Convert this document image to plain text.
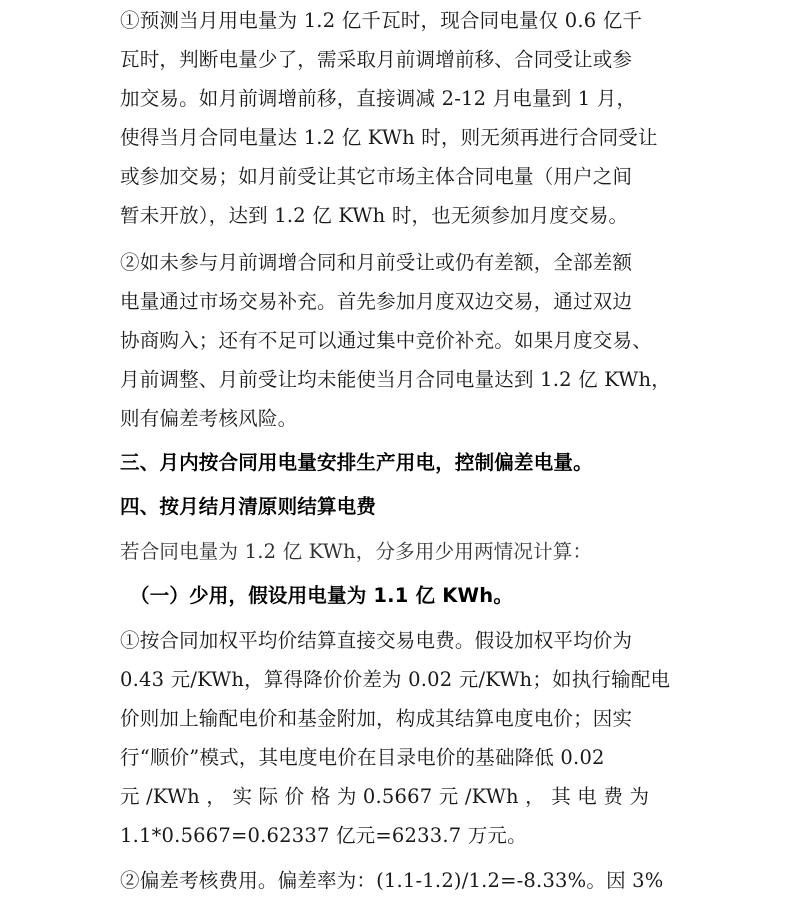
①预测当月用电量为 1.2 亿千瓦时，现合同电量仅 0.6 亿千
瓦时，判断电量少了，需采取月前调增前移、合同受让或参
加交易。如月前调增前移，直接调减 2-12 月电量到 1 月，
使得当月合同电量达 1.2 亿 KWh 时，则无须再进行合同受让
或参加交易；如月前受让其它市场主体合同电量（用户之间
暂未开放），达到 1.2 亿 KWh 时，也无须参加月度交易。
②如未参与月前调增合同和月前受让或仍有差额，全部差额
电量通过市场交易补充。首先参加月度双边交易，通过双边
协商购入；还有不足可以通过集中竞价补充。如果月度交易、
月前调整、月前受让均未能使当月合同电量达到 1.2 亿 KWh，
则有偏差考核风险。
三、月内按合同用电量安排生产用电，控制偏差电量。
四、按月结月清原则结算电费
若合同电量为 1.2 亿 KWh，分多用少用两情况计算：
（一）少用，假设用电量为 1.1 亿 KWh。
①按合同加权平均价结算直接交易电费。假设加权平均价为
0.43 元/KWh，算得降价价差为 0.02 元/KWh；如执行输配电
价则加上输配电价和基金附加，构成其结算电度电价；因实
行“顺价”模式，其电度电价在目录电价的基础降低 0.02
元 /KWh ， 实 际 价 格 为 0.5667 元 /KWh ， 其 电 费 为
1.1*0.5667=0.62337 亿元=6233.7 万元。
②偏差考核费用。偏差率为：(1.1-1.2)/1.2=-8.33%。因 3%
